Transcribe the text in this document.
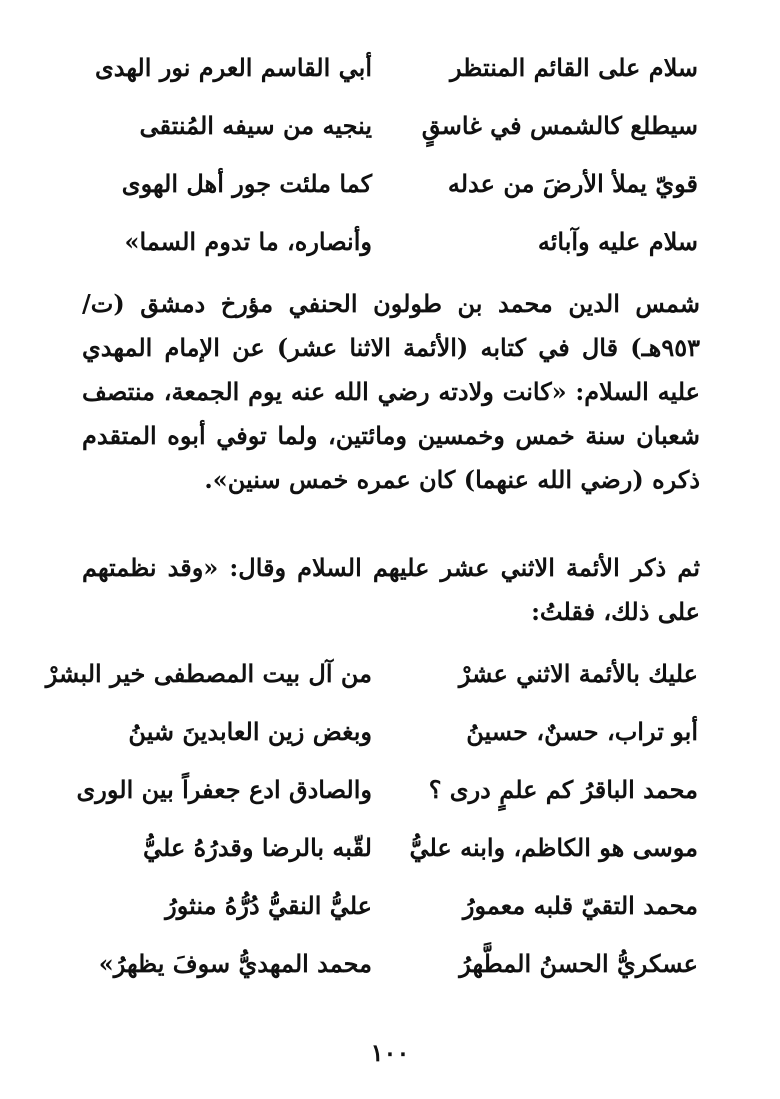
سلام على القائم المنتظر
أبي القاسم العرم نور الهدى
سيطلع كالشمس في غاسقٍ
ينجيه من سيفه المُنتقى
قويّ يملأ الأرضَ من عدله
كما ملئت جور أهل الهوى
سلام عليه وآبائه
وأنصاره، ما تدوم السما»

شمس الدين محمد بن طولون الحنفي مؤرخ دمشق (ت/ ٩٥٣هـ) قال في كتابه (الأئمة الاثنا عشر) عن الإمام المهدي عليه السلام: «كانت ولادته رضي الله عنه يوم الجمعة، منتصف شعبان سنة خمس وخمسين ومائتين، ولما توفي أبوه المتقدم ذكره (رضي الله عنهما) كان عمره خمس سنين».

ثم ذكر الأئمة الاثني عشر عليهم السلام وقال: «وقد نظمتهم على ذلك، فقلتُ:

عليك بالأئمة الاثني عشرْ
من آل بيت المصطفى خير البشرْ
أبو تراب، حسنٌ، حسينُ
وبغض زين العابدينَ شينُ
محمد الباقرُ كم علمٍ درى ؟
والصادق ادع جعفراً بين الورى
موسى هو الكاظم، وابنه عليُّ
لقّبه بالرضا وقدرُهُ عليُّ
محمد التقيّ قلبه معمورُ
عليُّ النقيُّ دُرُّهُ منثورُ
عسكريُّ الحسنُ المطَّهرُ
محمد المهديُّ سوفَ يظهرُ»
١٠٠
